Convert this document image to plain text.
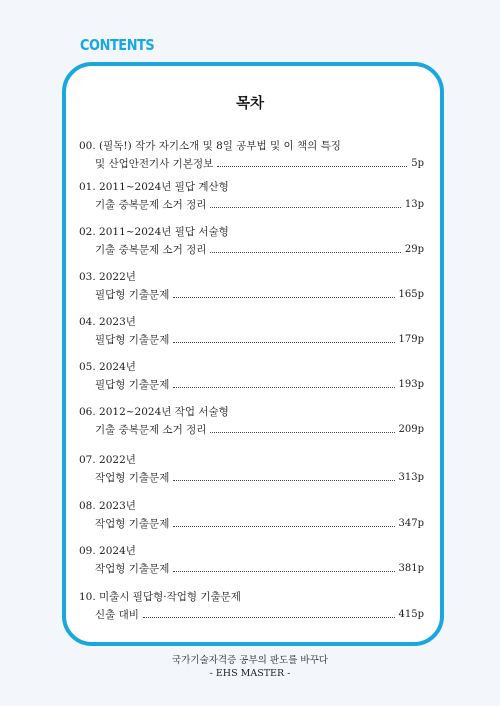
CONTENTS
목차
00. (필독!) 작가 자기소개 및 8일 공부법 및 이 책의 특징
및 산업안전기사 기본정보	5p
01. 2011~2024년 필답 계산형
기출 중복문제 소거 정리	13p
02. 2011~2024년 필답 서술형
기출 중복문제 소거 정리	29p
03. 2022년
필답형 기출문제	165p
04. 2023년
필답형 기출문제	179p
05. 2024년
필답형 기출문제	193p
06. 2012~2024년 작업 서술형
기출 중복문제 소거 정리	209p
07. 2022년
작업형 기출문제	313p
08. 2023년
작업형 기출문제	347p
09. 2024년
작업형 기출문제	381p
10. 미출시 필답형·작업형 기출문제
신출 대비	415p
국가기술자격증 공부의 판도를 바꾸다
- EHS MASTER -
